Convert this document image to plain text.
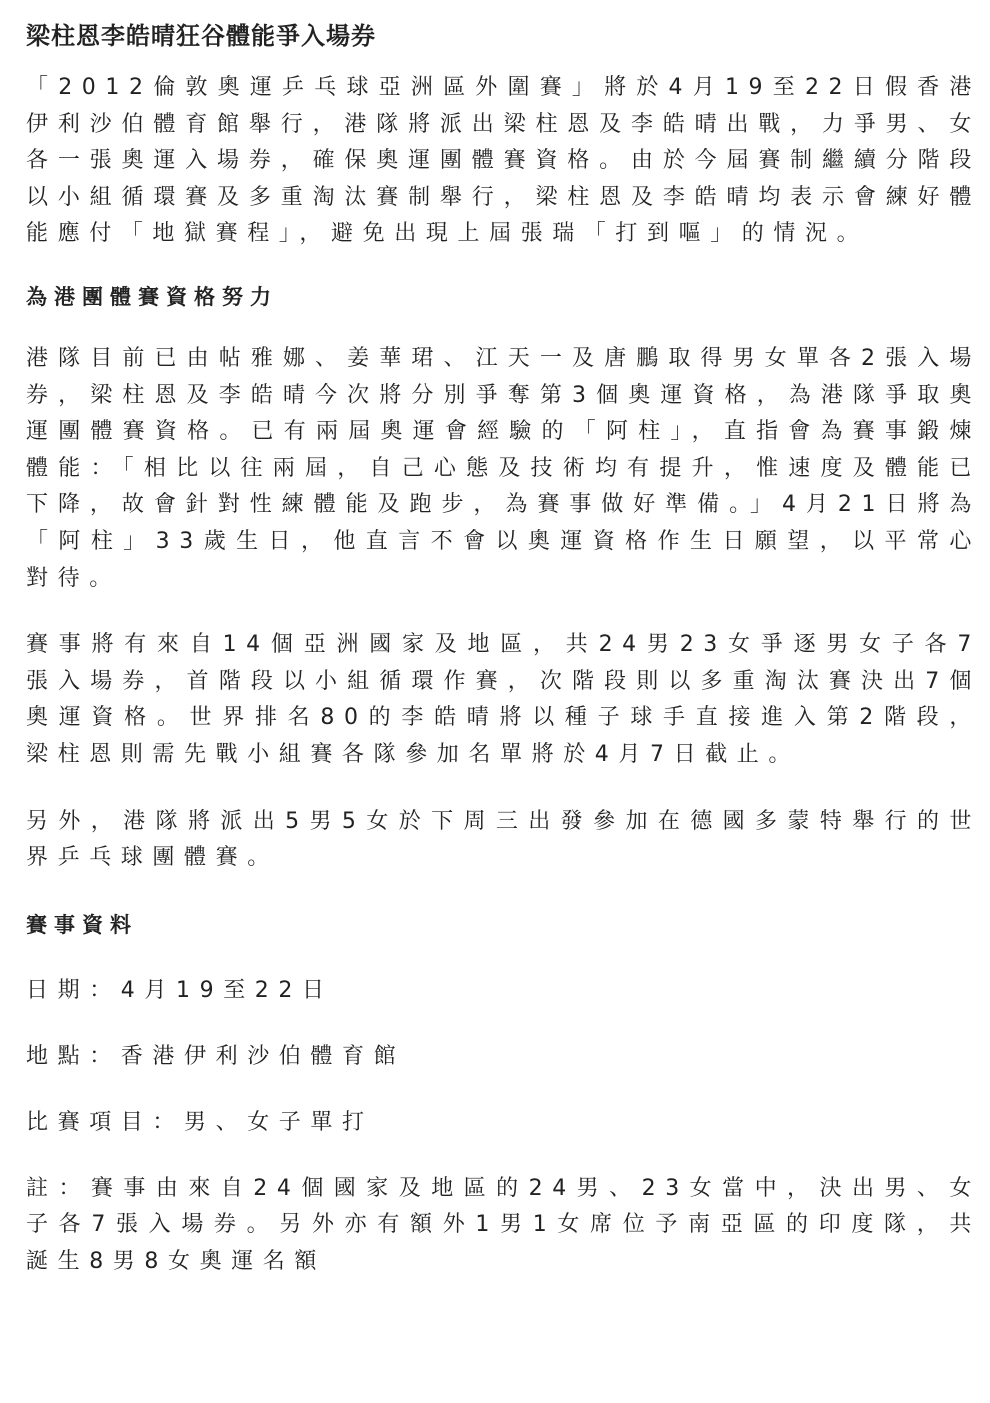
梁柱恩李皓晴狂谷體能爭入場券

「2012倫敦奧運乒乓球亞洲區外圍賽」將於4月19至22日假香港伊利沙伯體育館舉行，港隊將派出梁柱恩及李皓晴出戰，力爭男、女各一張奧運入場券，確保奧運團體賽資格。由於今屆賽制繼續分階段以小組循環賽及多重淘汰賽制舉行，梁柱恩及李皓晴均表示會練好體能應付「地獄賽程」，避免出現上屆張瑞「打到嘔」的情況。

為港團體賽資格努力

港隊目前已由帖雅娜、姜華珺、江天一及唐鵬取得男女單各2張入場券，梁柱恩及李皓晴今次將分別爭奪第3個奧運資格，為港隊爭取奧運團體賽資格。已有兩屆奧運會經驗的「阿柱」，直指會為賽事鍛煉體能：「相比以往兩屆，自己心態及技術均有提升，惟速度及體能已下降，故會針對性練體能及跑步，為賽事做好準備。」4月21日將為「阿柱」33歲生日，他直言不會以奧運資格作生日願望，以平常心對待。

賽事將有來自14個亞洲國家及地區，共24男23女爭逐男女子各7張入場券，首階段以小組循環作賽，次階段則以多重淘汰賽決出7個奧運資格。世界排名80的李皓晴將以種子球手直接進入第2階段，梁柱恩則需先戰小組賽各隊參加名單將於4月7日截止。

另外，港隊將派出5男5女於下周三出發參加在德國多蒙特舉行的世界乒乓球團體賽。

賽事資料

日期：4月19至22日

地點：香港伊利沙伯體育館

比賽項目：男、女子單打

註：賽事由來自24個國家及地區的24男、23女當中，決出男、女子各7張入場券。另外亦有額外1男1女席位予南亞區的印度隊，共誕生8男8女奧運名額
